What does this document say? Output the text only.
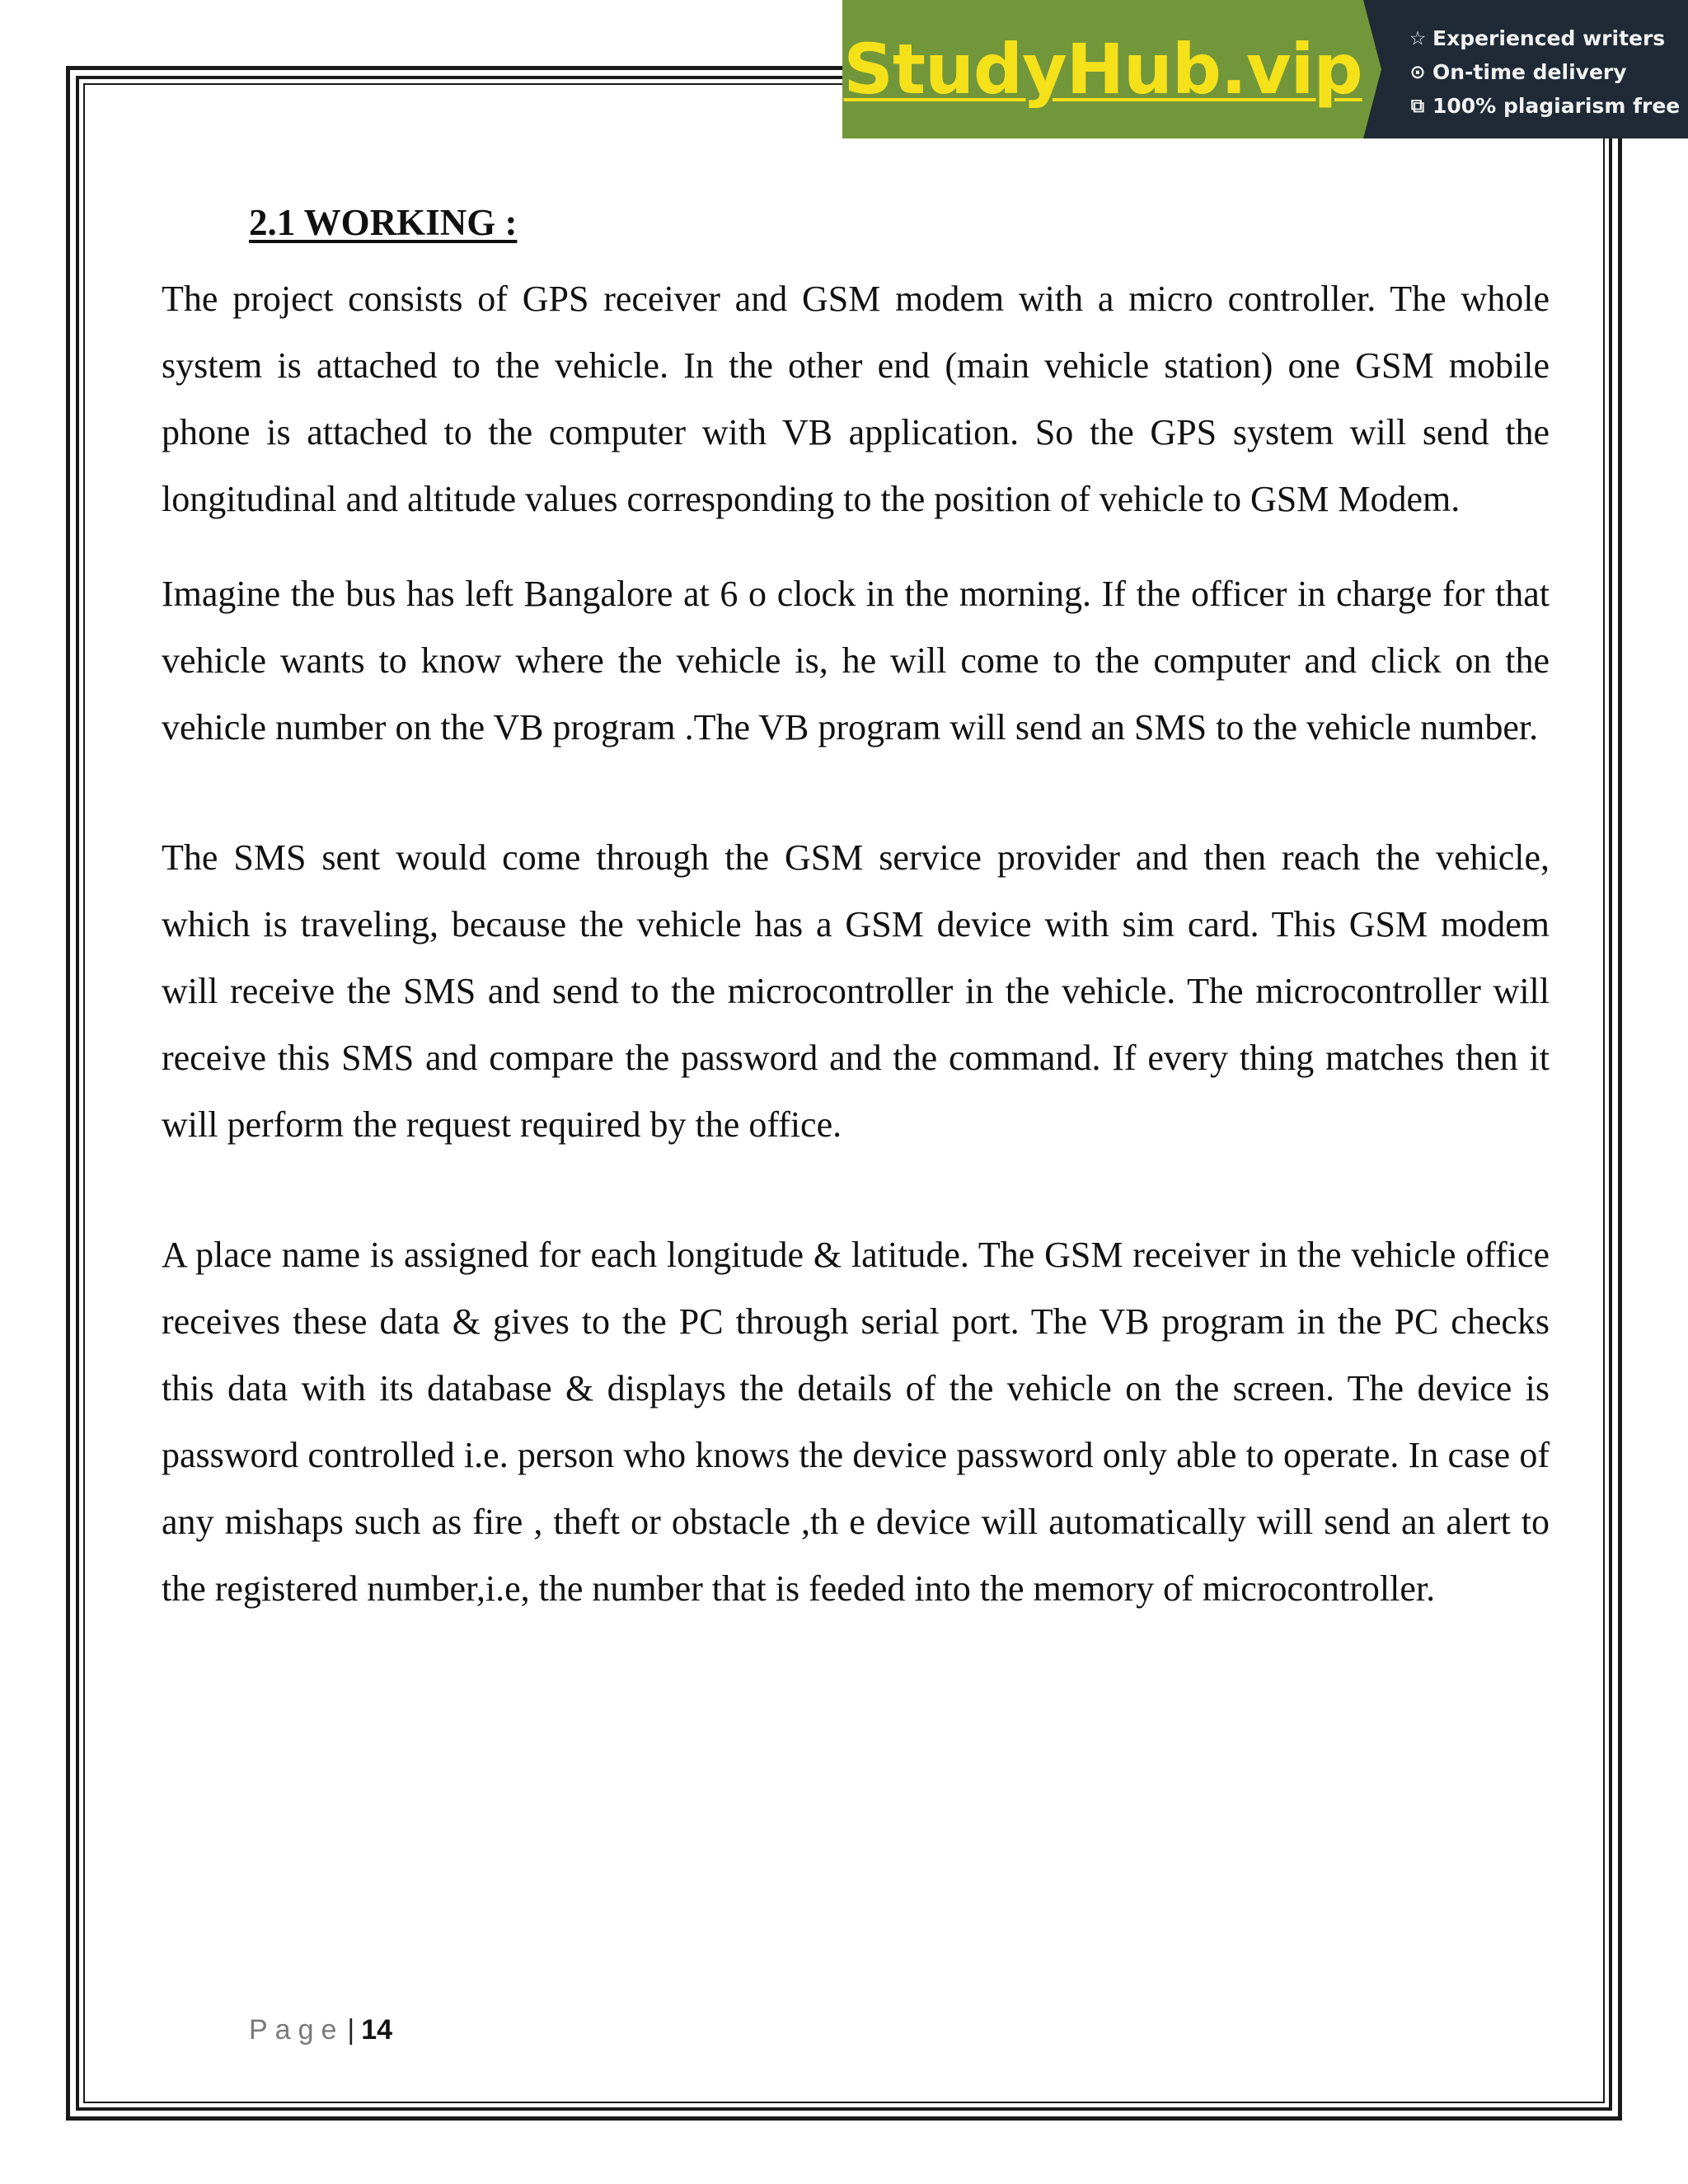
StudyHub.vip ☆ Experienced writers
⊙ On-time delivery
⧉ 100% plagiarism free
2.1 WORKING :

The project consists of GPS receiver and GSM modem with a micro controller. The whole system is attached to the vehicle. In the other end (main vehicle station) one GSM mobile phone is attached to the computer with VB application. So the GPS system will send the longitudinal and altitude values corresponding to the position of vehicle to GSM Modem.

Imagine the bus has left Bangalore at 6 o clock in the morning. If the officer in charge for that vehicle wants to know where the vehicle is, he will come to the computer and click on the vehicle number on the VB program .The VB program will send an SMS to the vehicle number.

The SMS sent would come through the GSM service provider and then reach the vehicle, which is traveling, because the vehicle has a GSM device with sim card. This GSM modem will receive the SMS and send to the microcontroller in the vehicle. The microcontroller will receive this SMS and compare the password and the command. If every thing matches then it will perform the request required by the office.

A place name is assigned for each longitude & latitude. The GSM receiver in the vehicle office receives these data & gives to the PC through serial port. The VB program in the PC checks this data with its database & displays the details of the vehicle on the screen. The device is password controlled i.e. person who knows the device password only able to operate. In case of any mishaps such as fire , theft or obstacle ,th e device will automatically will send an alert to the registered number,i.e, the number that is feeded into the memory of microcontroller.

Page | 14
